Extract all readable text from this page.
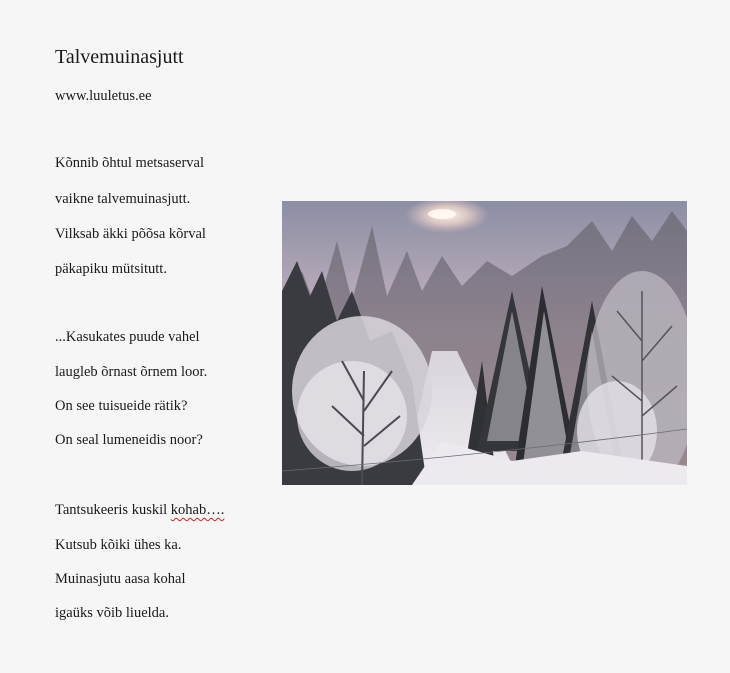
Talvemuinasjutt
www.luuletus.ee
Kõnnib õhtul metsaserval
vaikne talvemuinasjutt.
Vilksab äkki põõsa kõrval
päkapiku mütsitutt.
...Kasukates puude vahel
laugleb õrnast õrnem loor.
On see tuisueide rätik?
On seal lumeneidis noor?
Tantsukeeris kuskil kohab….
Kutsub kõiki ühes ka.
Muinasjutu aasa kohal
igaüks võib liuelda.
